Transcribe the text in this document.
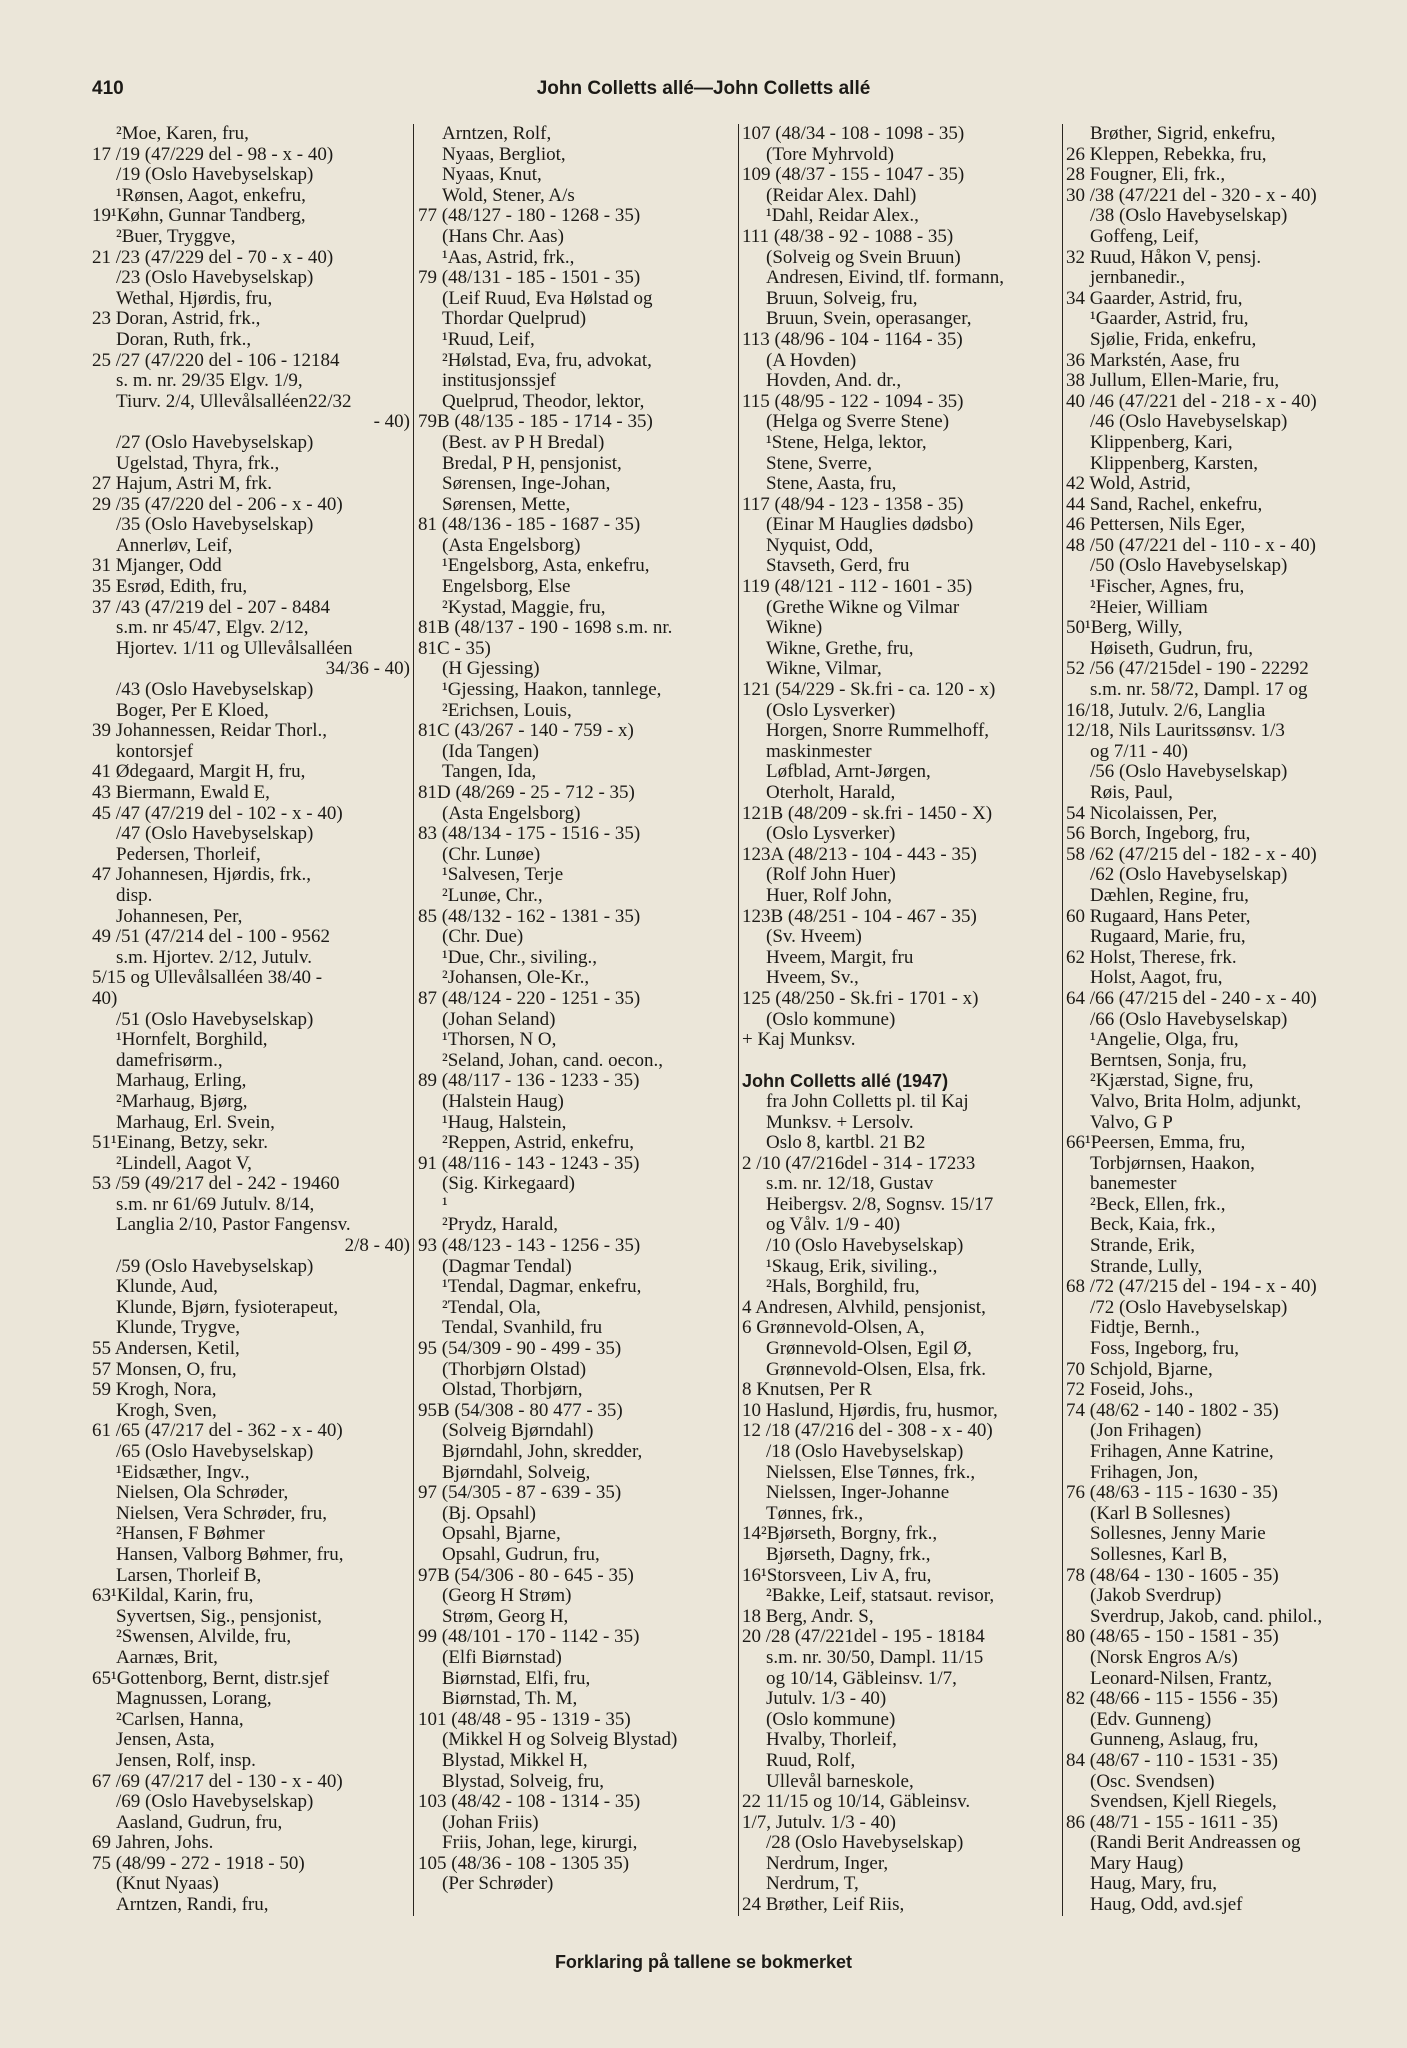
410	John Colletts allé—John Colletts allé
²Moe, Karen, fru,
17 /19 (47/229 del - 98 - x - 40)
/19 (Oslo Havebyselskap)
¹Rønsen, Aagot, enkefru,
19¹Køhn, Gunnar Tandberg,
²Buer, Tryggve,
21 /23 (47/229 del - 70 - x - 40)
/23 (Oslo Havebyselskap)
Wethal, Hjørdis, fru,
23 Doran, Astrid, frk.,
Doran, Ruth, frk.,
25 /27 (47/220 del - 106 - 12184
s. m. nr. 29/35 Elgv. 1/9,
Tiurv. 2/4, Ullevålsalléen22/32
- 40)
/27 (Oslo Havebyselskap)
Ugelstad, Thyra, frk.,
27 Hajum, Astri M, frk.
29 /35 (47/220 del - 206 - x - 40)
/35 (Oslo Havebyselskap)
Annerløv, Leif,
31 Mjanger, Odd
35 Esrød, Edith, fru,
37 /43 (47/219 del - 207 - 8484
s.m. nr 45/47, Elgv. 2/12,
Hjortev. 1/11 og Ullevålsalléen
34/36 - 40)
/43 (Oslo Havebyselskap)
Boger, Per E Kloed,
39 Johannessen, Reidar Thorl.,
kontorsjef
41 Ødegaard, Margit H, fru,
43 Biermann, Ewald E,
45 /47 (47/219 del - 102 - x - 40)
/47 (Oslo Havebyselskap)
Pedersen, Thorleif,
47 Johannesen, Hjørdis, frk.,
disp.
Johannesen, Per,
49 /51 (47/214 del - 100 - 9562
s.m. Hjortev. 2/12, Jutulv.
5/15 og Ullevålsalléen 38/40 -
40)
/51 (Oslo Havebyselskap)
¹Hornfelt, Borghild,
damefrisørm.,
Marhaug, Erling,
²Marhaug, Bjørg,
Marhaug, Erl. Svein,
51¹Einang, Betzy, sekr.
²Lindell, Aagot V,
53 /59 (49/217 del - 242 - 19460
s.m. nr 61/69 Jutulv. 8/14,
Langlia 2/10, Pastor Fangensv.
2/8 - 40)
/59 (Oslo Havebyselskap)
Klunde, Aud,
Klunde, Bjørn, fysioterapeut,
Klunde, Trygve,
55 Andersen, Ketil,
57 Monsen, O, fru,
59 Krogh, Nora,
Krogh, Sven,
61 /65 (47/217 del - 362 - x - 40)
/65 (Oslo Havebyselskap)
¹Eidsæther, Ingv.,
Nielsen, Ola Schrøder,
Nielsen, Vera Schrøder, fru,
²Hansen, F Bøhmer
Hansen, Valborg Bøhmer, fru,
Larsen, Thorleif B,
63¹Kildal, Karin, fru,
Syvertsen, Sig., pensjonist,
²Swensen, Alvilde, fru,
Aarnæs, Brit,
65¹Gottenborg, Bernt, distr.sjef
Magnussen, Lorang,
²Carlsen, Hanna,
Jensen, Asta,
Jensen, Rolf, insp.
67 /69 (47/217 del - 130 - x - 40)
/69 (Oslo Havebyselskap)
Aasland, Gudrun, fru,
69 Jahren, Johs.
75 (48/99 - 272 - 1918 - 50)
(Knut Nyaas)
Arntzen, Randi, fru,
Arntzen, Rolf,
Nyaas, Bergliot,
Nyaas, Knut,
Wold, Stener, A/s
77 (48/127 - 180 - 1268 - 35)
(Hans Chr. Aas)
¹Aas, Astrid, frk.,
79 (48/131 - 185 - 1501 - 35)
(Leif Ruud, Eva Hølstad og
Thordar Quelprud)
¹Ruud, Leif,
²Hølstad, Eva, fru, advokat,
institusjonssjef
Quelprud, Theodor, lektor,
79B (48/135 - 185 - 1714 - 35)
(Best. av P H Bredal)
Bredal, P H, pensjonist,
Sørensen, Inge-Johan,
Sørensen, Mette,
81 (48/136 - 185 - 1687 - 35)
(Asta Engelsborg)
¹Engelsborg, Asta, enkefru,
Engelsborg, Else
²Kystad, Maggie, fru,
81B (48/137 - 190 - 1698 s.m. nr.
81C - 35)
(H Gjessing)
¹Gjessing, Haakon, tannlege,
²Erichsen, Louis,
81C (43/267 - 140 - 759 - x)
(Ida Tangen)
Tangen, Ida,
81D (48/269 - 25 - 712 - 35)
(Asta Engelsborg)
83 (48/134 - 175 - 1516 - 35)
(Chr. Lunøe)
¹Salvesen, Terje
²Lunøe, Chr.,
85 (48/132 - 162 - 1381 - 35)
(Chr. Due)
¹Due, Chr., siviling.,
²Johansen, Ole-Kr.,
87 (48/124 - 220 - 1251 - 35)
(Johan Seland)
¹Thorsen, N O,
²Seland, Johan, cand. oecon.,
89 (48/117 - 136 - 1233 - 35)
(Halstein Haug)
¹Haug, Halstein,
²Reppen, Astrid, enkefru,
91 (48/116 - 143 - 1243 - 35)
(Sig. Kirkegaard)
¹
²Prydz, Harald,
93 (48/123 - 143 - 1256 - 35)
(Dagmar Tendal)
¹Tendal, Dagmar, enkefru,
²Tendal, Ola,
Tendal, Svanhild, fru
95 (54/309 - 90 - 499 - 35)
(Thorbjørn Olstad)
Olstad, Thorbjørn,
95B (54/308 - 80 477 - 35)
(Solveig Bjørndahl)
Bjørndahl, John, skredder,
Bjørndahl, Solveig,
97 (54/305 - 87 - 639 - 35)
(Bj. Opsahl)
Opsahl, Bjarne,
Opsahl, Gudrun, fru,
97B (54/306 - 80 - 645 - 35)
(Georg H Strøm)
Strøm, Georg H,
99 (48/101 - 170 - 1142 - 35)
(Elfi Biørnstad)
Biørnstad, Elfi, fru,
Biørnstad, Th. M,
101 (48/48 - 95 - 1319 - 35)
(Mikkel H og Solveig Blystad)
Blystad, Mikkel H,
Blystad, Solveig, fru,
103 (48/42 - 108 - 1314 - 35)
(Johan Friis)
Friis, Johan, lege, kirurgi,
105 (48/36 - 108 - 1305 35)
(Per Schrøder)
107 (48/34 - 108 - 1098 - 35)
(Tore Myhrvold)
109 (48/37 - 155 - 1047 - 35)
(Reidar Alex. Dahl)
¹Dahl, Reidar Alex.,
111 (48/38 - 92 - 1088 - 35)
(Solveig og Svein Bruun)
Andresen, Eivind, tlf. formann,
Bruun, Solveig, fru,
Bruun, Svein, operasanger,
113 (48/96 - 104 - 1164 - 35)
(A Hovden)
Hovden, And. dr.,
115 (48/95 - 122 - 1094 - 35)
(Helga og Sverre Stene)
¹Stene, Helga, lektor,
Stene, Sverre,
Stene, Aasta, fru,
117 (48/94 - 123 - 1358 - 35)
(Einar M Hauglies dødsbo)
Nyquist, Odd,
Stavseth, Gerd, fru
119 (48/121 - 112 - 1601 - 35)
(Grethe Wikne og Vilmar
Wikne)
Wikne, Grethe, fru,
Wikne, Vilmar,
121 (54/229 - Sk.fri - ca. 120 - x)
(Oslo Lysverker)
Horgen, Snorre Rummelhoff,
maskinmester
Løfblad, Arnt-Jørgen,
Oterholt, Harald,
121B (48/209 - sk.fri - 1450 - X)
(Oslo Lysverker)
123A (48/213 - 104 - 443 - 35)
(Rolf John Huer)
Huer, Rolf John,
123B (48/251 - 104 - 467 - 35)
(Sv. Hveem)
Hveem, Margit, fru
Hveem, Sv.,
125 (48/250 - Sk.fri - 1701 - x)
(Oslo kommune)
+ Kaj Munksv.
John Colletts allé (1947)
fra John Colletts pl. til Kaj
Munksv. + Lersolv.
Oslo 8, kartbl. 21 B2
2 /10 (47/216del - 314 - 17233
s.m. nr. 12/18, Gustav
Heibergsv. 2/8, Sognsv. 15/17
og Vålv. 1/9 - 40)
/10 (Oslo Havebyselskap)
¹Skaug, Erik, siviling.,
²Hals, Borghild, fru,
4 Andresen, Alvhild, pensjonist,
6 Grønnevold-Olsen, A,
Grønnevold-Olsen, Egil Ø,
Grønnevold-Olsen, Elsa, frk.
8 Knutsen, Per R
10 Haslund, Hjørdis, fru, husmor,
12 /18 (47/216 del - 308 - x - 40)
/18 (Oslo Havebyselskap)
Nielssen, Else Tønnes, frk.,
Nielssen, Inger-Johanne
Tønnes, frk.,
14²Bjørseth, Borgny, frk.,
Bjørseth, Dagny, frk.,
16¹Storsveen, Liv A, fru,
²Bakke, Leif, statsaut. revisor,
18 Berg, Andr. S,
20 /28 (47/221del - 195 - 18184
s.m. nr. 30/50, Dampl. 11/15
og 10/14, Gäbleinsv. 1/7,
Jutulv. 1/3 - 40)
(Oslo kommune)
Hvalby, Thorleif,
Ruud, Rolf,
Ullevål barneskole,
22 11/15 og 10/14, Gäbleinsv.
1/7, Jutulv. 1/3 - 40)
/28 (Oslo Havebyselskap)
Nerdrum, Inger,
Nerdrum, T,
24 Brøther, Leif Riis,
Brøther, Sigrid, enkefru,
26 Kleppen, Rebekka, fru,
28 Fougner, Eli, frk.,
30 /38 (47/221 del - 320 - x - 40)
/38 (Oslo Havebyselskap)
Goffeng, Leif,
32 Ruud, Håkon V, pensj.
jernbanedir.,
34 Gaarder, Astrid, fru,
¹Gaarder, Astrid, fru,
Sjølie, Frida, enkefru,
36 Markstén, Aase, fru
38 Jullum, Ellen-Marie, fru,
40 /46 (47/221 del - 218 - x - 40)
/46 (Oslo Havebyselskap)
Klippenberg, Kari,
Klippenberg, Karsten,
42 Wold, Astrid,
44 Sand, Rachel, enkefru,
46 Pettersen, Nils Eger,
48 /50 (47/221 del - 110 - x - 40)
/50 (Oslo Havebyselskap)
¹Fischer, Agnes, fru,
²Heier, William
50¹Berg, Willy,
Høiseth, Gudrun, fru,
52 /56 (47/215del - 190 - 22292
s.m. nr. 58/72, Dampl. 17 og
16/18, Jutulv. 2/6, Langlia
12/18, Nils Lauritssønsv. 1/3
og 7/11 - 40)
/56 (Oslo Havebyselskap)
Røis, Paul,
54 Nicolaissen, Per,
56 Borch, Ingeborg, fru,
58 /62 (47/215 del - 182 - x - 40)
/62 (Oslo Havebyselskap)
Dæhlen, Regine, fru,
60 Rugaard, Hans Peter,
Rugaard, Marie, fru,
62 Holst, Therese, frk.
Holst, Aagot, fru,
64 /66 (47/215 del - 240 - x - 40)
/66 (Oslo Havebyselskap)
¹Angelie, Olga, fru,
Berntsen, Sonja, fru,
²Kjærstad, Signe, fru,
Valvo, Brita Holm, adjunkt,
Valvo, G P
66¹Peersen, Emma, fru,
Torbjørnsen, Haakon,
banemester
²Beck, Ellen, frk.,
Beck, Kaia, frk.,
Strande, Erik,
Strande, Lully,
68 /72 (47/215 del - 194 - x - 40)
/72 (Oslo Havebyselskap)
Fidtje, Bernh.,
Foss, Ingeborg, fru,
70 Schjold, Bjarne,
72 Foseid, Johs.,
74 (48/62 - 140 - 1802 - 35)
(Jon Frihagen)
Frihagen, Anne Katrine,
Frihagen, Jon,
76 (48/63 - 115 - 1630 - 35)
(Karl B Sollesnes)
Sollesnes, Jenny Marie
Sollesnes, Karl B,
78 (48/64 - 130 - 1605 - 35)
(Jakob Sverdrup)
Sverdrup, Jakob, cand. philol.,
80 (48/65 - 150 - 1581 - 35)
(Norsk Engros A/s)
Leonard-Nilsen, Frantz,
82 (48/66 - 115 - 1556 - 35)
(Edv. Gunneng)
Gunneng, Aslaug, fru,
84 (48/67 - 110 - 1531 - 35)
(Osc. Svendsen)
Svendsen, Kjell Riegels,
86 (48/71 - 155 - 1611 - 35)
(Randi Berit Andreassen og
Mary Haug)
Haug, Mary, fru,
Haug, Odd, avd.sjef
Forklaring på tallene se bokmerket
